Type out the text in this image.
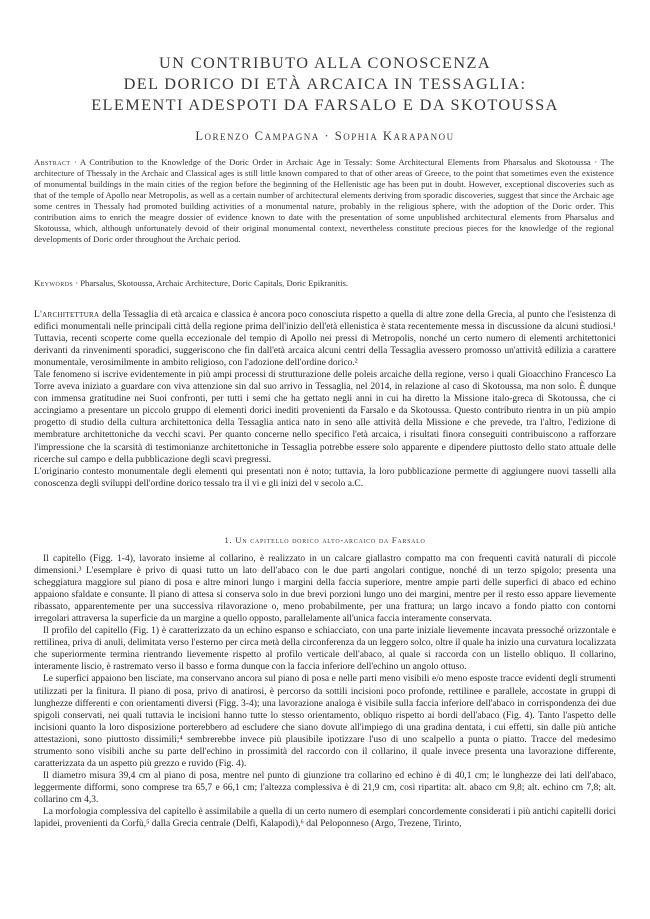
UN CONTRIBUTO ALLA CONOSCENZA
DEL DORICO DI ETÀ ARCAICA IN TESSAGLIA:
ELEMENTI ADESPOTI DA FARSALO E DA SKOTOUSSA
Lorenzo Campagna · Sophia Karapanou
Abstract · A Contribution to the Knowledge of the Doric Order in Archaic Age in Tessaly: Some Architectural Elements from Pharsalus and Skotoussa · The architecture of Thessaly in the Archaic and Classical ages is still little known compared to that of other areas of Greece, to the point that sometimes even the existence of monumental buildings in the main cities of the region before the beginning of the Hellenistic age has been put in doubt. However, exceptional discoveries such as that of the temple of Apollo near Metropolis, as well as a certain number of architectural elements deriving from sporadic discoveries, suggest that since the Archaic age some centres in Thessaly had promoted building activities of a monumental nature, probably in the religious sphere, with the adoption of the Doric order. This contribution aims to enrich the meagre dossier of evidence known to date with the presentation of some unpublished architectural elements from Pharsalus and Skotoussa, which, although unfortunately devoid of their original monumental context, nevertheless constitute precious pieces for the knowledge of the regional developments of Doric order throughout the Archaic period.
Keywords · Pharsalus, Skotoussa, Archaic Architecture, Doric Capitals, Doric Epikranitis.

L'architettura della Tessaglia di età arcaica e classica è ancora poco conosciuta rispetto a quella di altre zone della Grecia, al punto che l'esistenza di edifici monumentali nelle principali città della regione prima dell'inizio dell'età ellenistica è stata recentemente messa in discussione da alcuni studiosi.¹ Tuttavia, recenti scoperte come quella eccezionale del tempio di Apollo nei pressi di Metropolis, nonché un certo numero di elementi architettonici derivanti da rinvenimenti sporadici, suggeriscono che fin dall'età arcaica alcuni centri della Tessaglia avessero promosso un'attività edilizia a carattere monumentale, verosimilmente in ambito religioso, con l'adozione dell'ordine dorico.²

Tale fenomeno si iscrive evidentemente in più ampi processi di strutturazione delle poleis arcaiche della regione, verso i quali Gioacchino Francesco La Torre aveva iniziato a guardare con viva attenzione sin dal suo arrivo in Tessaglia, nel 2014, in relazione al caso di Skotoussa, ma non solo. È dunque con immensa gratitudine nei Suoi confronti, per tutti i semi che ha gettato negli anni in cui ha diretto la Missione italo-greca di Skotoussa, che ci accingiamo a presentare un piccolo gruppo di elementi dorici inediti provenienti da Farsalo e da Skotoussa. Questo contributo rientra in un più ampio progetto di studio della cultura architettonica della Tessaglia antica nato in seno alle attività della Missione e che prevede, tra l'altro, l'edizione di membrature architettoniche da vecchi scavi. Per quanto concerne nello specifico l'età arcaica, i risultati finora conseguiti contribuiscono a rafforzare l'impressione che la scarsità di testimonianze architettoniche in Tessaglia potrebbe essere solo apparente e dipendere piuttosto dello stato attuale delle ricerche sul campo e della pubblicazione degli scavi pregressi.

L'originario contesto monumentale degli elementi qui presentati non è noto; tuttavia, la loro pubblicazione permette di aggiungere nuovi tasselli alla conoscenza degli sviluppi dell'ordine dorico tessalo tra il vi e gli inizi del v secolo a.C.

1. Un capitello dorico alto-arcaico da Farsalo

Il capitello (Figg. 1-4), lavorato insieme al collarino, è realizzato in un calcare giallastro compatto ma con frequenti cavità naturali di piccole dimensioni.³ L'esemplare è privo di quasi tutto un lato dell'abaco con le due parti angolari contigue, nonché di un terzo spigolo; presenta una scheggiatura maggiore sul piano di posa e altre minori lungo i margini della faccia superiore, mentre ampie parti delle superfici di abaco ed echino appaiono sfaldate e consunte. Il piano di attesa si conserva solo in due brevi porzioni lungo uno dei margini, mentre per il resto esso appare lievemente ribassato, apparentemente per una successiva rilavorazione o, meno probabilmente, per una frattura; un largo incavo a fondo piatto con contorni irregolari attraversa la superficie da un margine a quello opposto, parallelamente all'unica faccia interamente conservata.

Il profilo del capitello (Fig. 1) è caratterizzato da un echino espanso e schiacciato, con una parte iniziale lievemente incavata pressoché orizzontale e rettilinea, priva di anuli, delimitata verso l'esterno per circa metà della circonferenza da un leggero solco, oltre il quale ha inizio una curvatura localizzata che superiormente termina rientrando lievemente rispetto al profilo verticale dell'abaco, al quale si raccorda con un listello obliquo. Il collarino, interamente liscio, è rastremato verso il basso e forma dunque con la faccia inferiore dell'echino un angolo ottuso.

Le superfici appaiono ben lisciate, ma conservano ancora sul piano di posa e nelle parti meno visibili e/o meno esposte tracce evidenti degli strumenti utilizzati per la finitura. Il piano di posa, privo di anatirosi, è percorso da sottili incisioni poco profonde, rettilinee e parallele, accostate in gruppi di lunghezze differenti e con orientamenti diversi (Figg. 3-4); una lavorazione analoga è visibile sulla faccia inferiore dell'abaco in corrispondenza dei due spigoli conservati, nei quali tuttavia le incisioni hanno tutte lo stesso orientamento, obliquo rispetto ai bordi dell'abaco (Fig. 4). Tanto l'aspetto delle incisioni quanto la loro disposizione porterebbero ad escludere che siano dovute all'impiego di una gradina dentata, i cui effetti, sin dalle più antiche attestazioni, sono piuttosto dissimili;⁴ sembrerebbe invece più plausibile ipotizzare l'uso di uno scalpello a punta o piatto. Tracce del medesimo strumento sono visibili anche su parte dell'echino in prossimità del raccordo con il collarino, il quale invece presenta una lavorazione differente, caratterizzata da un aspetto più grezzo e ruvido (Fig. 4).

Il diametro misura 39,4 cm al piano di posa, mentre nel punto di giunzione tra collarino ed echino è di 40,1 cm; le lunghezze dei lati dell'abaco, leggermente difformi, sono comprese tra 65,7 e 66,1 cm; l'altezza complessiva è di 21,9 cm, così ripartita: alt. abaco cm 9,8; alt. echino cm 7,8; alt. collarino cm 4,3.

La morfologia complessiva del capitello è assimilabile a quella di un certo numero di esemplari concordemente considerati i più antichi capitelli dorici lapidei, provenienti da Corfù,⁵ dalla Grecia centrale (Delfi, Kalapodi),⁶ dal Peloponneso (Argo, Trezene, Tirinto,
